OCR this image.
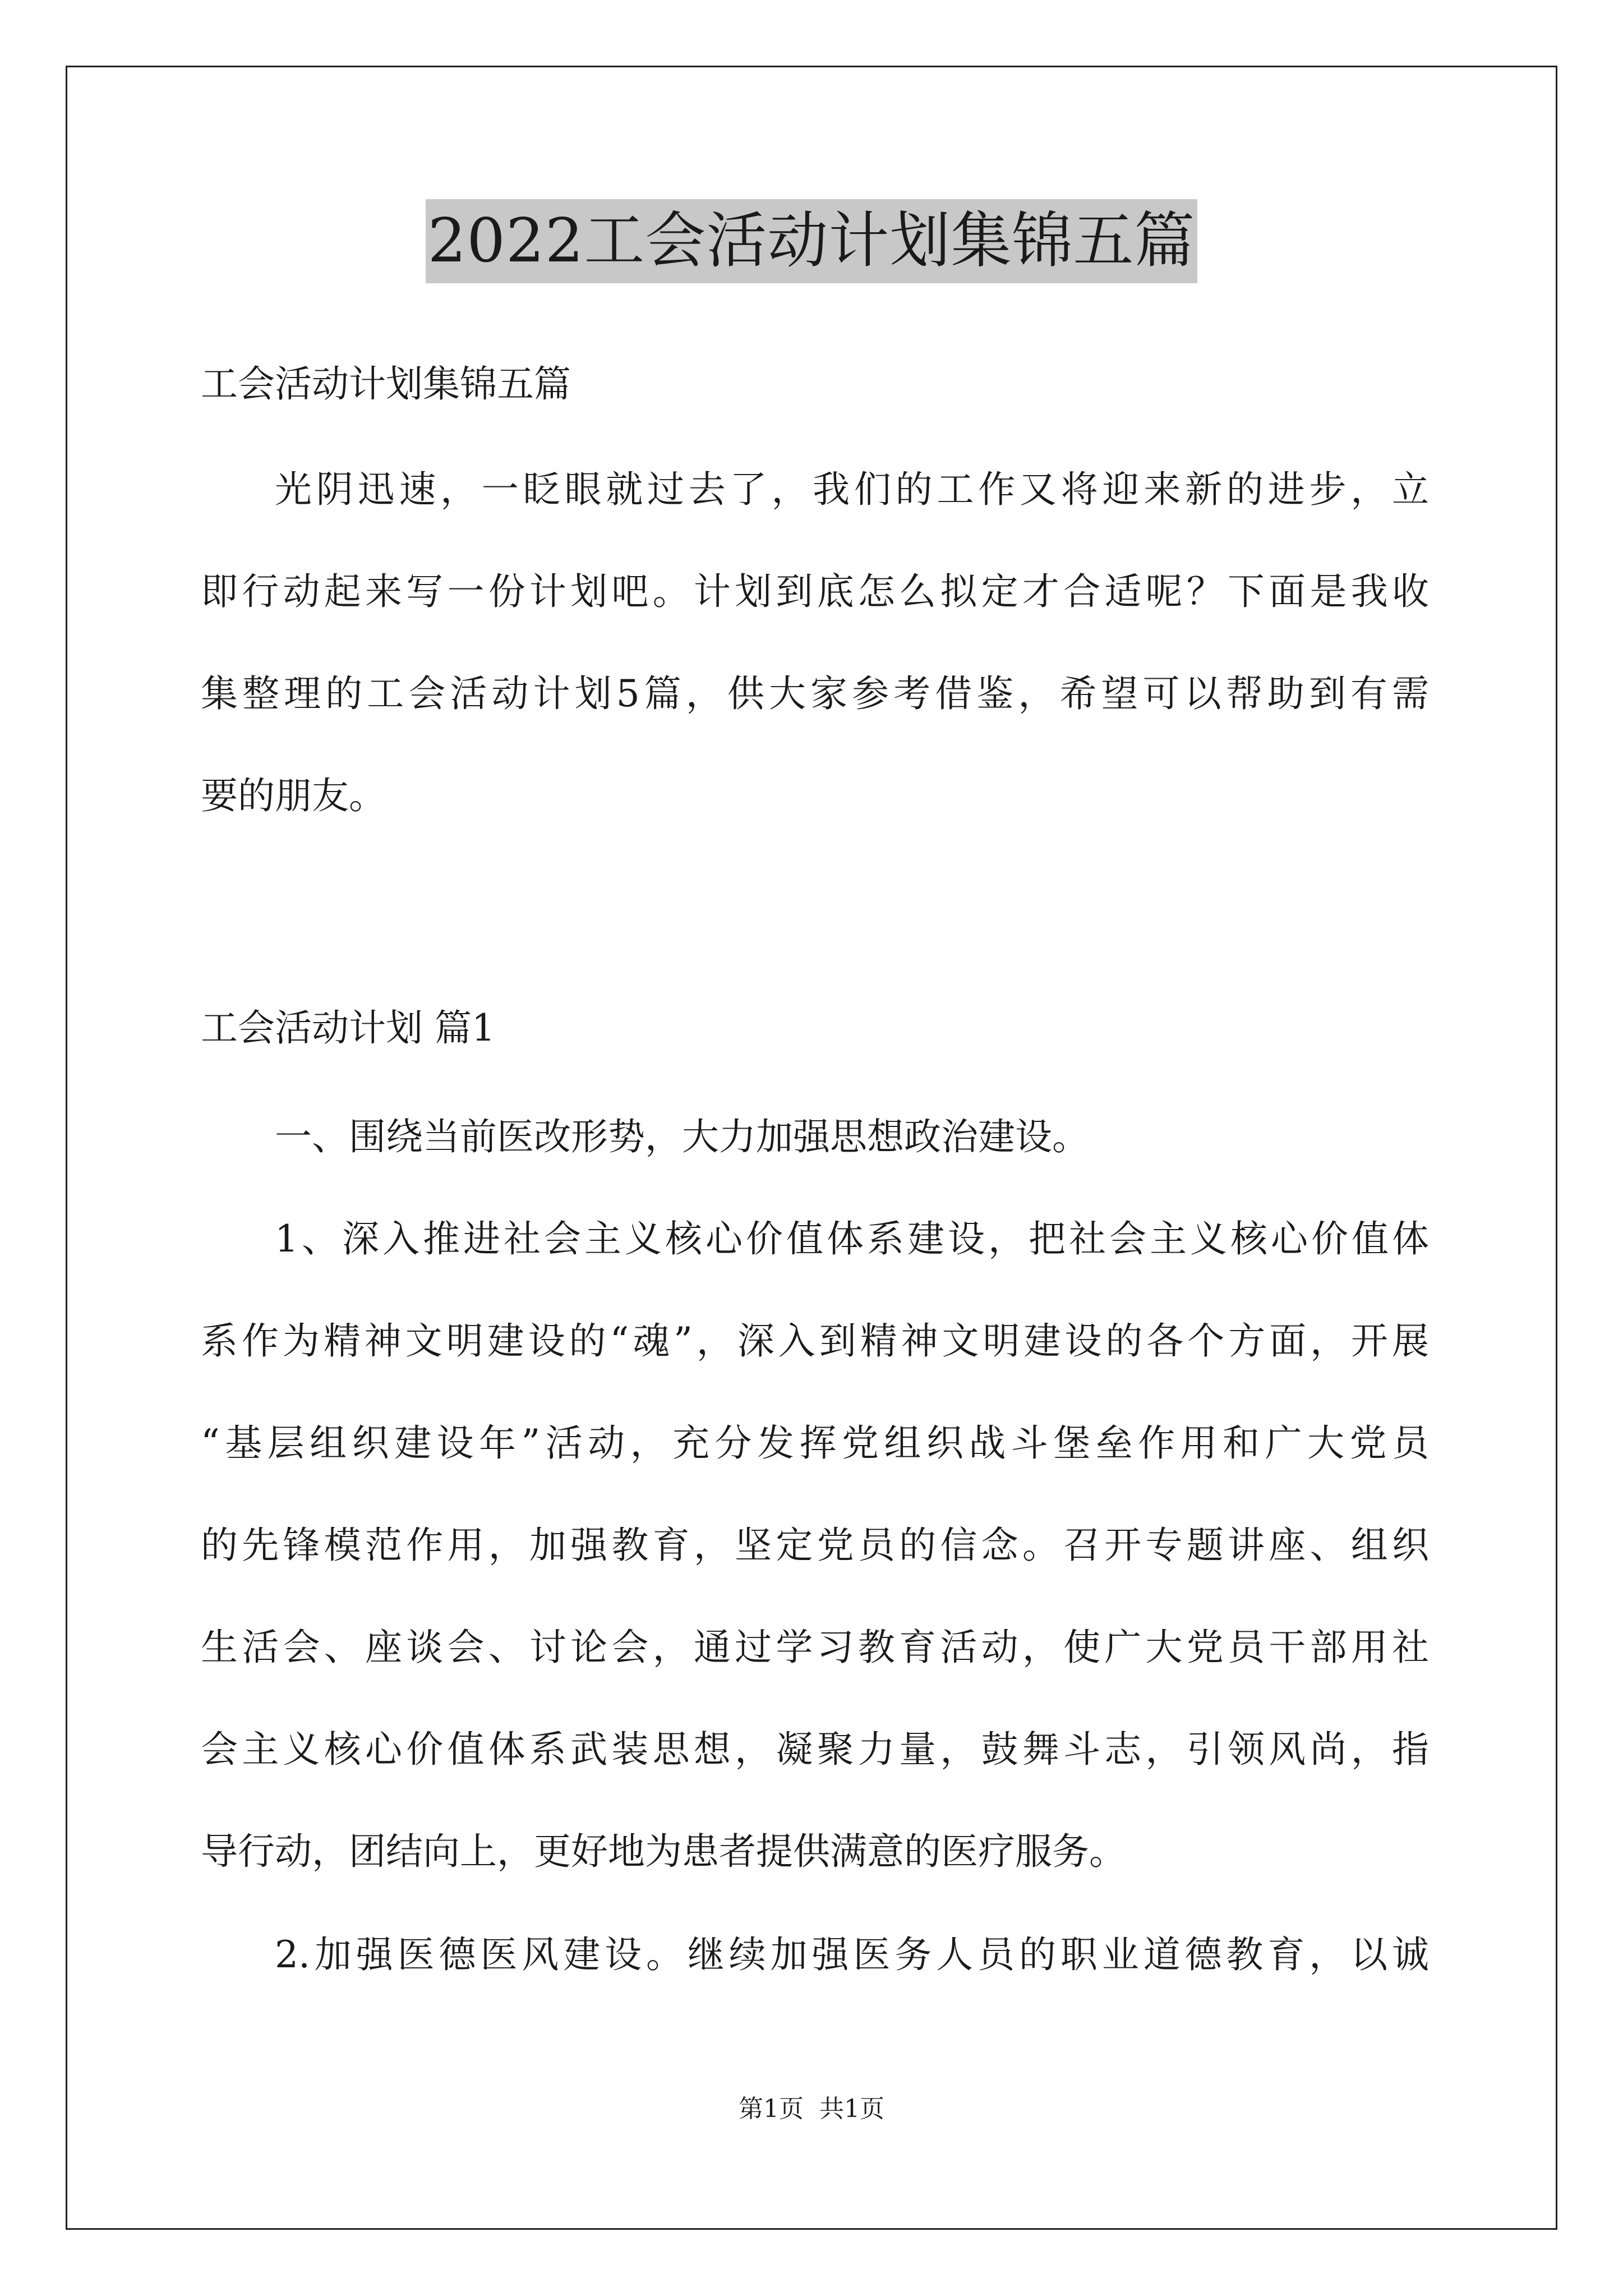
2022工会活动计划集锦五篇
工会活动计划集锦五篇
光阴迅速，一眨眼就过去了，我们的工作又将迎来新的进步，立
即行动起来写一份计划吧。计划到底怎么拟定才合适呢？下面是我收
集整理的工会活动计划5篇，供大家参考借鉴，希望可以帮助到有需
要的朋友。
工会活动计划 篇1
一、围绕当前医改形势，大力加强思想政治建设。
1、深入推进社会主义核心价值体系建设，把社会主义核心价值体
系作为精神文明建设的“魂”，深入到精神文明建设的各个方面，开展
“基层组织建设年”活动，充分发挥党组织战斗堡垒作用和广大党员
的先锋模范作用，加强教育，坚定党员的信念。召开专题讲座、组织
生活会、座谈会、讨论会，通过学习教育活动，使广大党员干部用社
会主义核心价值体系武装思想，凝聚力量，鼓舞斗志，引领风尚，指
导行动，团结向上，更好地为患者提供满意的医疗服务。
2.加强医德医风建设。继续加强医务人员的职业道德教育，以诚
第1页 共1页
